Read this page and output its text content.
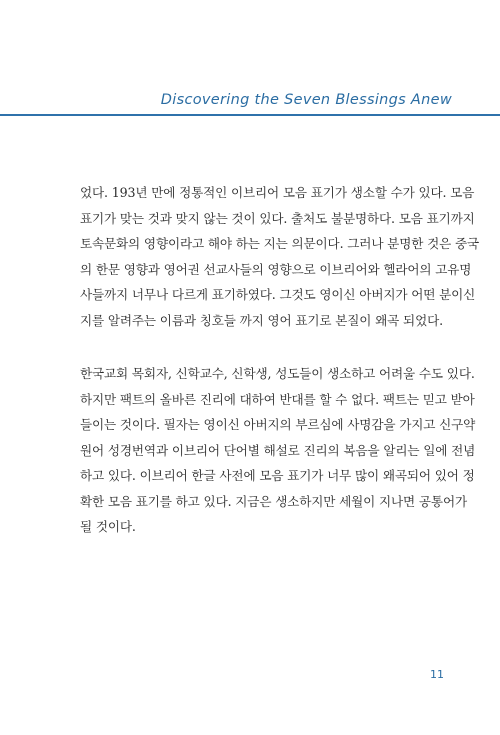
Discovering the Seven Blessings Anew
었다. 193년 만에 정통적인 이브리어 모음 표기가 생소할 수가 있다. 모음
표기가 맞는 것과 맞지 않는 것이 있다. 출처도 불분명하다. 모음 표기까지
토속문화의 영향이라고 해야 하는 지는 의문이다. 그러나 분명한 것은 중국
의 한문 영향과 영어권 선교사들의 영향으로 이브리어와 헬라어의 고유명
사들까지 너무나 다르게 표기하였다. 그것도 영이신 아버지가 어떤 분이신
지를 알려주는 이름과 칭호들 까지 영어 표기로 본질이 왜곡 되었다.
한국교회 목회자, 신학교수, 신학생, 성도들이 생소하고 어려울 수도 있다.
하지만 팩트의 올바른 진리에 대하여 반대를 할 수 없다. 팩트는 믿고 받아
들이는 것이다. 필자는 영이신 아버지의 부르심에 사명감을 가지고 신구약
원어 성경번역과 이브리어 단어별 해설로 진리의 복음을 알리는 일에 전념
하고 있다. 이브리어 한글 사전에 모음 표기가 너무 많이 왜곡되어 있어 정
확한 모음 표기를 하고 있다. 지금은 생소하지만 세월이 지나면 공통어가
될 것이다.
11
